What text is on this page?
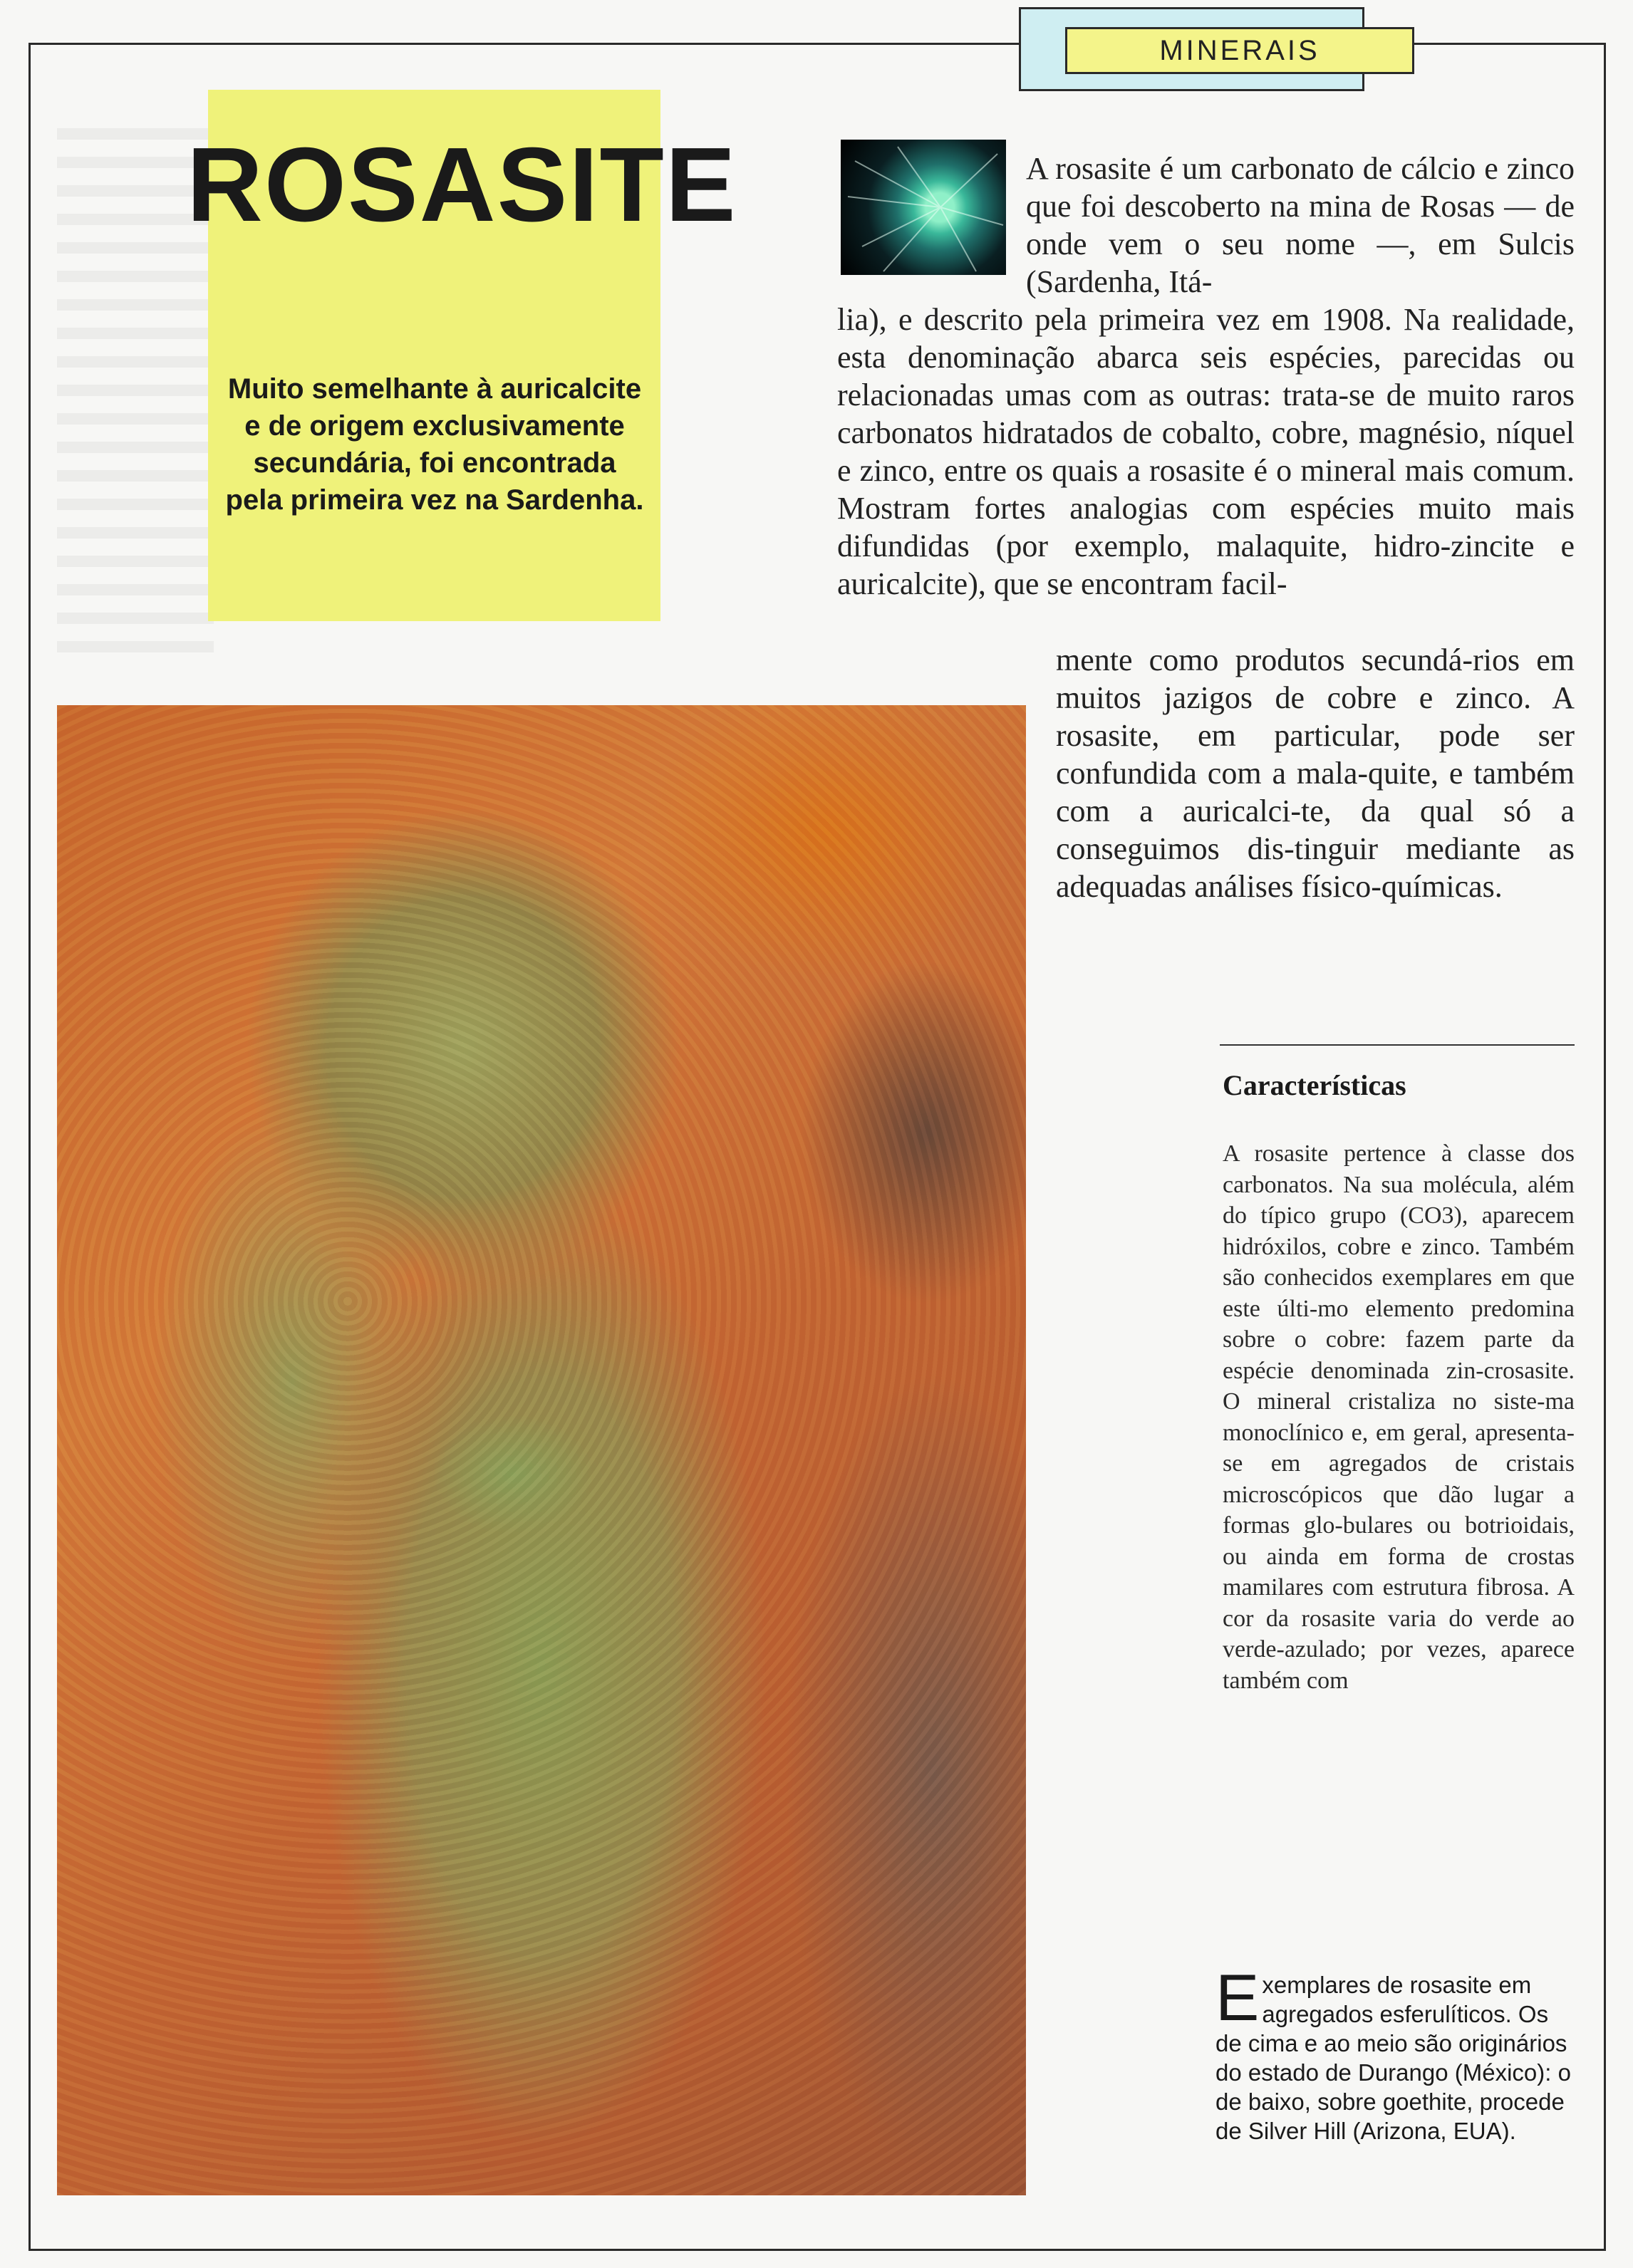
MINERAIS
ROSASITE
Muito semelhante à auricalcite e de origem exclusivamente secundária, foi encontrada pela primeira vez na Sardenha.
A rosasite é um carbonato de cálcio e zinco que foi descoberto na mina de Rosas — de onde vem o seu nome —, em Sulcis (Sardenha, Itá-
lia), e descrito pela primeira vez em 1908. Na realidade, esta denominação abarca seis espécies, parecidas ou relacionadas umas com as outras: trata-se de muito raros carbonatos hidratados de cobalto, cobre, magnésio, níquel e zinco, entre os quais a rosasite é o mineral mais comum. Mostram fortes analogias com espécies muito mais difundidas (por exemplo, malaquite, hidro-zincite e auricalcite), que se encontram facil-
mente como produtos secundá-rios em muitos jazigos de cobre e zinco. A rosasite, em particular, pode ser confundida com a mala-quite, e também com a auricalci-te, da qual só a conseguimos dis-tinguir mediante as adequadas análises físico-químicas.
Características
A rosasite pertence à classe dos carbonatos. Na sua molécula, além do típico grupo (CO3), aparecem hidróxilos, cobre e zinco. Também são conhecidos exemplares em que este últi-mo elemento predomina sobre o cobre: fazem parte da espécie denominada zin-crosasite. O mineral cristaliza no siste-ma monoclínico e, em geral, apresenta-se em agregados de cristais microscópicos que dão lugar a formas glo-bulares ou botrioidais, ou ainda em forma de crostas mamilares com estrutura fibrosa. A cor da rosasite varia do verde ao verde-azulado; por vezes, aparece também com
Exemplares de rosasite em agregados esferulíticos. Os de cima e ao meio são originários do estado de Durango (México): o de baixo, sobre goethite, procede de Silver Hill (Arizona, EUA).
